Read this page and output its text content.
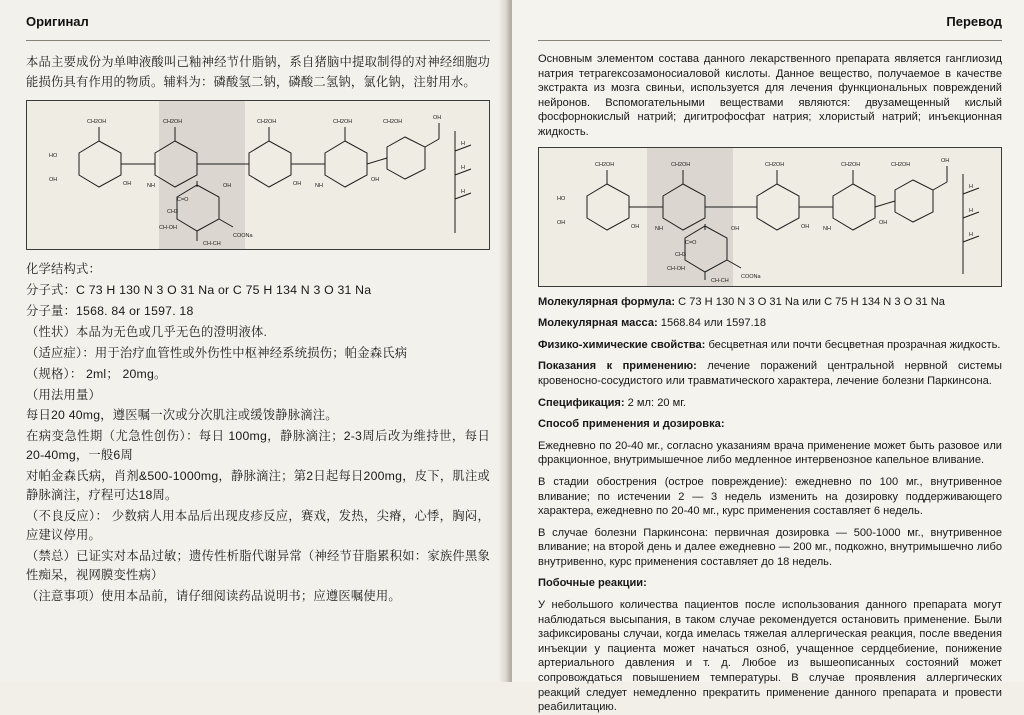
Оригинал

本品主要成份为单呻液酸叫己粙神经节什脂钠，系自猪脑中提取制得的对神经细胞功能损伤具有作用的物质。辅料为：磷酸氢二钠，磷酸二氢钠，氯化钠，注射用水。

CH2OH	CH2OH	CH2OH	CH2OH	CH2OH
HO
OH
OH	NH	OH	OH	NH
OH
OH
H
H
H
C=O
CH3
CH-OH
COONa
CH-CH

化学结构式：

分子式：C 73 H 130 N 3 O 31 Na or C 75 H 134 N 3 O 31 Na

分子量：1568. 84 or 1597. 18

（性状）本品为无色或几乎无色的澄明液体.

（适应症）：用于治疗血管性或外伤性中枢神经系统损伤；帕金森氏病

（规格）： 2ml； 20mg。

（用法用量）

每日20 40mg，遵医嘱一次或分次肌注或缓馂静脉滴注。

在病变急性期（尤急性创伤）：每日 100mg，静脉滴注；2-3周后改为维持世，每日20-40mg，一般6周

对帕金森氏病，肖剂&500-1000mg，静脉滴注；第2日起每日200mg，皮下，肌注或静脉滴注，疗程可达18周。

（不良反应）： 少数病人用本品后出现皮疹反应，赛戏，发热，尖瘠，心悸，胸闷，应建议停用。

（禁总）已证实对本品过敏；遗传性析脂代谢异常（神经节苷脂累积如：家族件黑象性痴呆，视网膜变性病）

（注意事项）使用本品前，请仔细阅读药品说明书；应遵医嘱使用。

Перевод

Основным элементом состава данного лекарственного препарата является ганглиозид натрия тетрагексозамоносиаловой кислоты. Данное вещество, получаемое в качестве экстракта из мозга свиньи, используется для лечения функциональных повреждений нейронов. Вспомогательными веществами являются: двузамещенный кислый фосфорнокислый натрий; дигитрофосфат натрия; хлористый натрий; инъекционная жидкость.

CH2OH	CH2OH	CH2OH	CH2OH	CH2OH
HO
OH
OH	NH	OH	OH	NH
OH
OH
H
H
H
C=O
CH3
CH-OH
COONa
CH-CH

Молекулярная формула: C 73 H 130 N 3 O 31 Na или C 75 H 134 N 3 O 31 Na

Молекулярная масса: 1568.84 или 1597.18

Физико-химические свойства: бесцветная или почти бесцветная прозрачная жидкость.

Показания к применению: лечение поражений центральной нервной системы кровеносно-сосудистого или травматического характера, лечение болезни Паркинсона.

Спецификация: 2 мл: 20 мг.

Способ применения и дозировка:

Ежедневно по 20-40 мг., согласно указаниям врача применение может быть разовое или фракционное, внутримышечное либо медленное интервенозное капельное вливание.

В стадии обострения (острое повреждение): ежедневно по 100 мг., внутривенное вливание; по истечении 2 — 3 недель изменить на дозировку поддерживающего характера, ежедневно по 20-40 мг., курс применения составляет 6 недель.

В случае болезни Паркинсона: первичная дозировка — 500-1000 мг., внутривенное вливание; на второй день и далее ежедневно — 200 мг., подкожно, внутримышечно либо внутривенно, курс применения составляет до 18 недель.

Побочные реакции:

У небольшого количества пациентов после использования данного препарата могут наблюдаться высыпания, в таком случае рекомендуется остановить применение. Были зафиксированы случаи, когда имелась тяжелая аллергическая реакция, после введения инъекции у пациента может начаться озноб, учащенное сердцебиение, понижение артериального давления и т. д. Любое из вышеописанных состояний может сопровождаться повышением температуры. В случае проявления аллергических реакций следует немедленно прекратить применение данного препарата и провести реабилитацию.
